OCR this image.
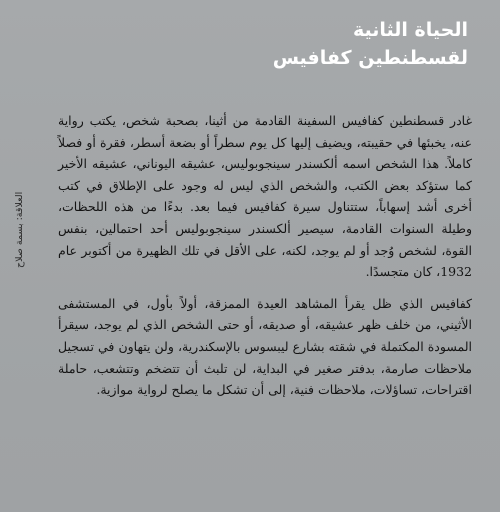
الحياة الثانية
لقسطنطين كفافيس

غادر قسطنطين كفافيس السفينة القادمة من أثينا، بصحبة شخص، يكتب رواية عنه، يخبئها في حقيبته، ويضيف إليها كل يوم سطراً أو بضعة أسطر، فقرة أو فصلاً كاملاً. هذا الشخص اسمه ألكسندر سينجوبوليس، عشيقه اليوناني، عشيقه الأخير كما ستؤكد بعض الكتب، والشخص الذي ليس له وجود على الإطلاق في كتب أخرى أشد إسهاباً، ستتناول سيرة كفافيس فيما بعد. بدءًا من هذه اللحظات، وطيلة السنوات القادمة، سيصير ألكسندر سينجوبوليس أحد احتمالين، بنفس القوة، لشخص وُجد أو لم يوجد، لكنه، على الأقل في تلك الظهيرة من أكتوبر عام 1932، كان متجسدًا.

كفافيس الذي ظل يقرأ المشاهد العيدة الممزقة، أولاً بأول، في المستشفى الأثيني، من خلف ظهر عشيقه، أو صديقه، أو حتى الشخص الذي لم يوجد، سيقرأ المسودة المكتملة في شقته بشارع ليبسوس بالإسكندرية، ولن يتهاون في تسجيل ملاحظات صارمة، بدفتر صغير في البداية، لن تلبث أن تتضخم وتتشعب، حاملة اقتراحات، تساؤلات، ملاحظات فنية، إلى أن تشكل ما يصلح لرواية موازية.

العلاقة: بسمة صلاح
